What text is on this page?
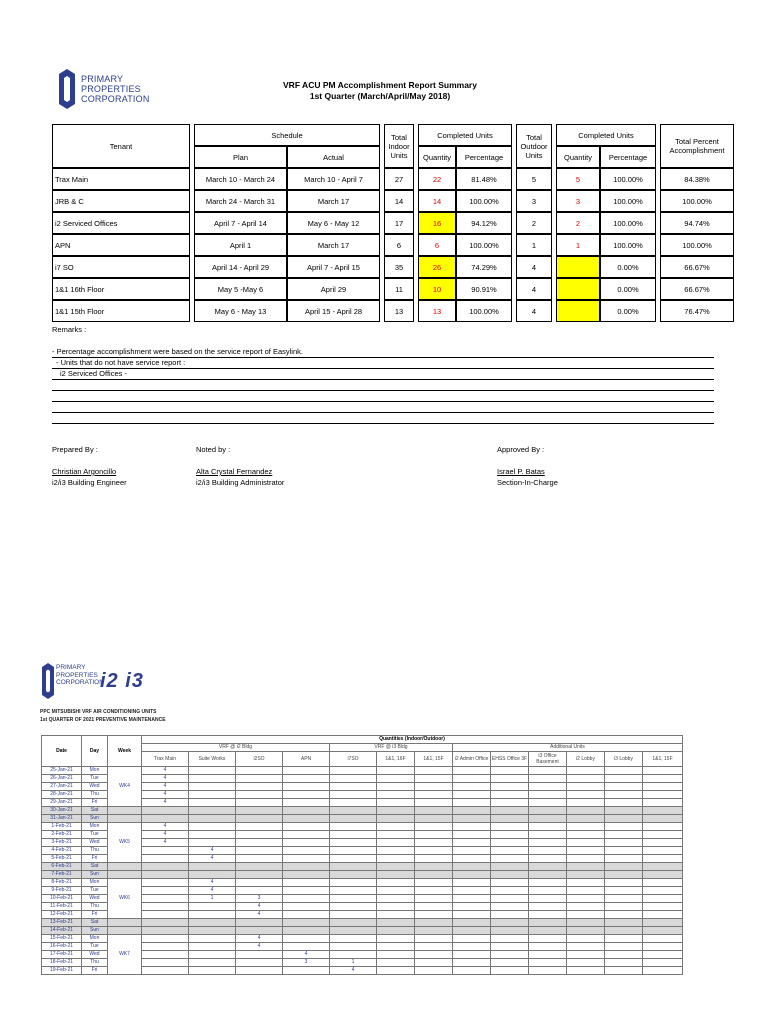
PRIMARY
PROPERTIES
CORPORATION
VRF ACU PM Accomplishment Report Summary
1st Quarter (March/April/May 2018)
Tenant		Schedule			Total Indoor Units		Completed Units			Total Outdoor Units		Completed Units			Total Percent Accomplishment
		Plan	Actual				Quantity	Percentage				Quantity	Percentage		
Trax Main		March 10 - March 24	March 10 - April 7		27		22	81.48%		5		5	100.00%		84.38%
JRB & C		March 24 - March 31	March 17		14		14	100.00%		3		3	100.00%		100.00%
i2 Serviced Offices		April 7 - April 14	May 6 - May 12		17		16	94.12%		2		2	100.00%		94.74%
APN		April 1	March 17		6		6	100.00%		1		1	100.00%		100.00%
i7 SO		April 14 - April 29	April 7 - April 15		35		26	74.29%		4			0.00%		66.67%
1&1 16th Floor		May 5 -May 6	April 29		11		10	90.91%		4			0.00%		66.67%
1&1 15th Floor		May 6 - May 13	April 15 - April 28		13		13	100.00%		4			0.00%		76.47%
Remarks :
- Percentage accomplishment were based on the service report of Easylink.
- Units that do not have service report :
i2 Serviced Offices -
Prepared By :
Christian Argoncillo
i2/i3 Building Engineer
Noted by :
Alta Crystal Fernandez
i2/i3 Building Administrator
Approved By :
Israel P. Batas
Section-In-Charge
PRIMARY
PROPERTIES
CORPORATION
i2 i3
PPC MITSUBISHI VRF AIR CONDITIONING UNITS
1st QUARTER OF 2021 PREVENTIVE MAINTENANCE
Date	Day	Week	Quantities (Indoor/Outdoor)												
			VRF @ i2 Bldg				VRF @ i3 Bldg			Additional Units					
			Trax Main	Suite Works	i2SO	APN	i7SO	1&1, 16F	1&1, 15F	i2 Admin Office	EHSS Office 3F	i3 Office Basement	i2 Lobby	i3 Lobby	1&1, 15F
25-Jan-21	Mon	WK4	4												
26-Jan-21	Tue		4												
27-Jan-21	Wed		4												
28-Jan-21	Thu		4												
29-Jan-21	Fri		4												
30-Jan-21	Sat														
31-Jan-21	Sun														
1-Feb-21	Mon	WK5	4												
2-Feb-21	Tue		4												
3-Feb-21	Wed		4												
4-Feb-21	Thu			4											
5-Feb-21	Fri			4											
6-Feb-21	Sat														
7-Feb-21	Sun														
8-Feb-21	Mon	WK6		4											
9-Feb-21	Tue			4											
10-Feb-21	Wed			1	3										
11-Feb-21	Thu				4										
12-Feb-21	Fri				4										
13-Feb-21	Sat														
14-Feb-21	Sun														
15-Feb-21	Mon	WK7			4										
16-Feb-21	Tue				4										
17-Feb-21	Wed					4									
18-Feb-21	Thu					3	1								
19-Feb-21	Fri						4								
